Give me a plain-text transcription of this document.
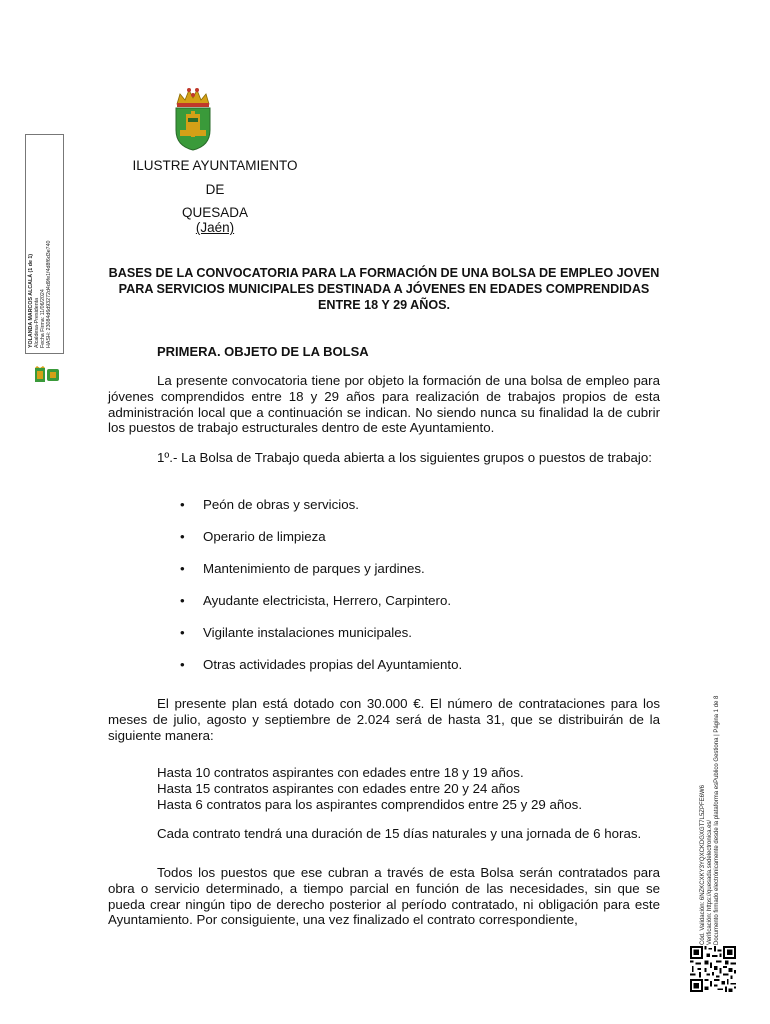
ILUSTRE AYUNTAMIENTO
DE
QUESADA
(Jaén)
BASES DE LA CONVOCATORIA PARA LA FORMACIÓN DE UNA BOLSA DE EMPLEO JOVEN PARA SERVICIOS MUNICIPALES DESTINADA A JÓVENES EN EDADES COMPRENDIDAS ENTRE 18 Y 29 AÑOS.
PRIMERA. OBJETO DE LA BOLSA
La presente convocatoria tiene por objeto la formación de una bolsa de empleo para jóvenes comprendidos entre 18 y 29 años para realización de trabajos propios de esta administración local que a continuación se indican. No siendo nunca su finalidad la de cubrir los puestos de trabajo estructurales dentro de este Ayuntamiento.
1º.- La Bolsa de Trabajo queda abierta a los siguientes grupos o puestos de trabajo:
• Peón de obras y servicios.
• Operario de limpieza
• Mantenimiento de parques y jardines.
• Ayudante electricista, Herrero, Carpintero.
• Vigilante instalaciones municipales.
• Otras actividades propias del Ayuntamiento.
El presente plan está dotado con 30.000 €. El número de contrataciones para los meses de julio, agosto y septiembre de 2.024 será de hasta 31, que se distribuirán de la siguiente manera:
Hasta 10 contratos aspirantes con edades entre 18 y 19 años.
Hasta 15 contratos aspirantes con edades entre 20 y 24 años
Hasta 6 contratos para los aspirantes comprendidos entre 25 y 29 años.
Cada contrato tendrá una duración de 15 días naturales y una jornada de 6 horas.
Todos los puestos que ese cubran a través de esta Bolsa serán contratados para obra o servicio determinado, a tiempo parcial en función de las necesidades, sin que se pueda crear ningún tipo de derecho posterior al período contratado, ni obligación para este Ayuntamiento. Por consiguiente, una vez finalizado el contrato correspondiente,
YOLANDA MARCOS ALCALÁ (1 de 1) Alcaldesa-Presidenta Fecha Firma: 11/06/2024 HASH: 23084d6d93272d4d9fe1f4d8f6d3e740
Cód. Validación: 6NZKCXKY3YQXCKDGXGT7L5ZPFE6W6 Verificación: https://quesada.sedelectronica.es/ Documento firmado electrónicamente desde la plataforma esPublico Gestiona | Página 1 de 8
